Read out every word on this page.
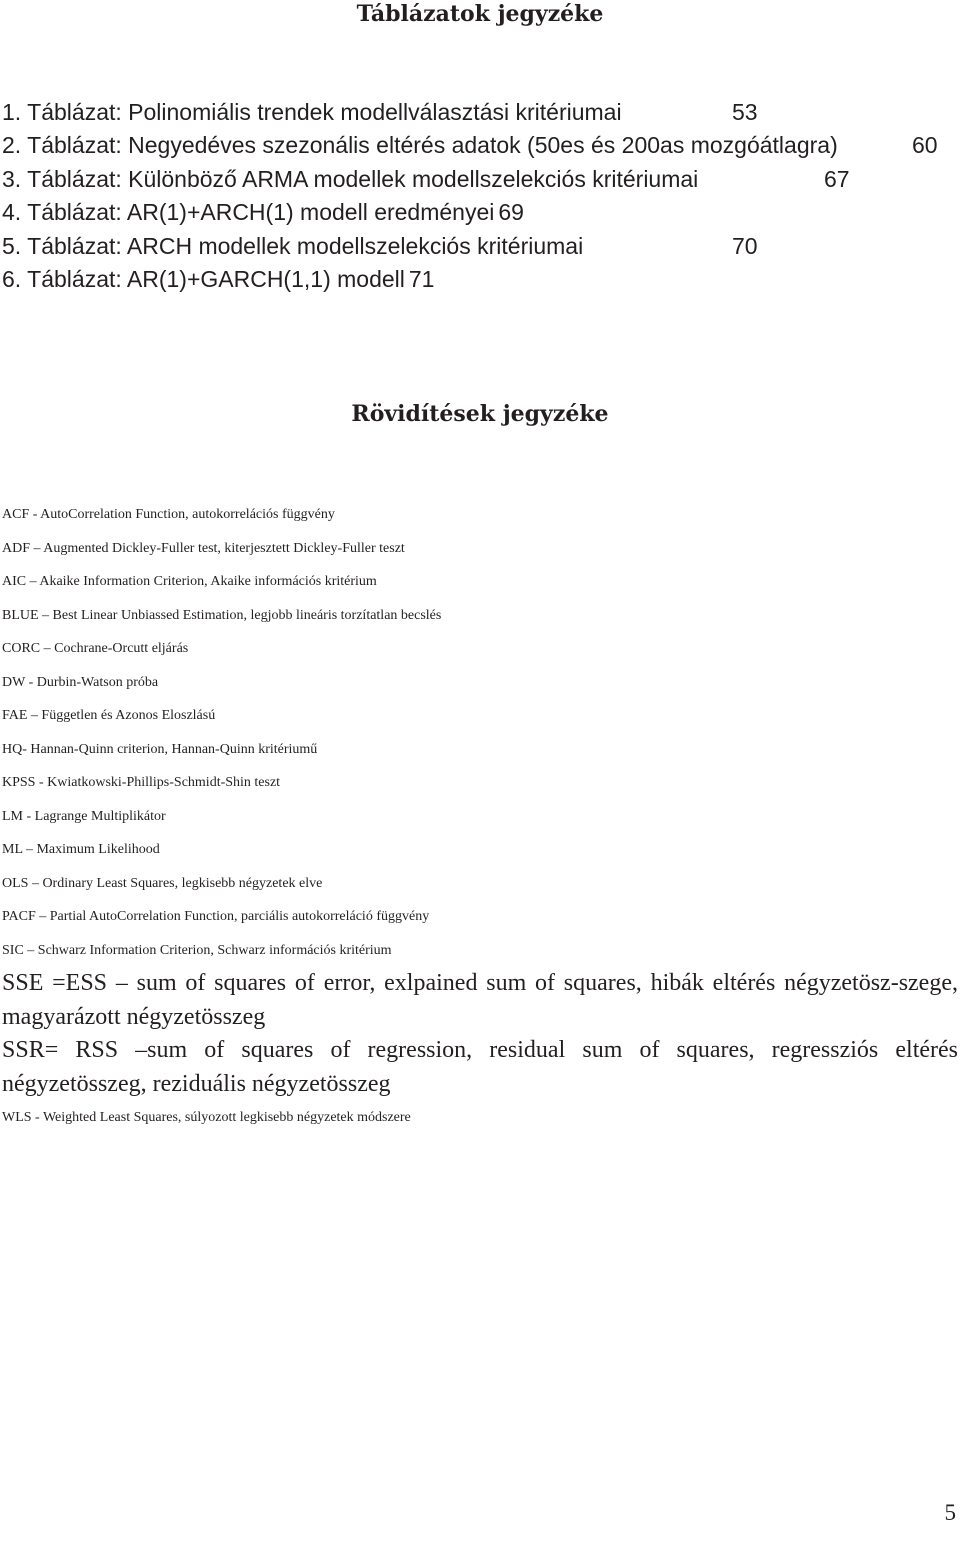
Táblázatok jegyzéke
1. Táblázat: Polinomiális trendek modellválasztási kritériumai	53
2. Táblázat: Negyedéves szezonális eltérés adatok (50es és 200as mozgóátlagra)	60
3. Táblázat: Különböző ARMA modellek modellszelekciós kritériumai	67
4. Táblázat: AR(1)+ARCH(1) modell eredményei 69
5. Táblázat: ARCH modellek modellszelekciós kritériumai	70
6. Táblázat: AR(1)+GARCH(1,1) modell 71
Rövidítések jegyzéke
ACF - AutoCorrelation Function, autokorrelációs függvény
ADF – Augmented Dickley-Fuller test, kiterjesztett Dickley-Fuller teszt
AIC – Akaike Information Criterion, Akaike információs kritérium
BLUE – Best Linear Unbiassed Estimation, legjobb lineáris torzítatlan becslés
CORC – Cochrane-Orcutt eljárás
DW - Durbin-Watson próba
FAE – Független és Azonos Eloszlású
HQ- Hannan-Quinn criterion, Hannan-Quinn kritériumű
KPSS - Kwiatkowski-Phillips-Schmidt-Shin teszt
LM - Lagrange Multiplikátor
ML – Maximum Likelihood
OLS – Ordinary Least Squares, legkisebb négyzetek elve
PACF – Partial AutoCorrelation Function, parciális autokorreláció függvény
SIC – Schwarz Information Criterion, Schwarz információs kritérium
SSE =ESS – sum of squares of error, exlpained sum of squares, hibák eltérés négyzetösz-szege, magyarázott négyzetösszeg
SSR= RSS –sum of squares of regression, residual sum of squares, regressziós eltérés négyzetösszeg, reziduális négyzetösszeg
WLS - Weighted Least Squares, súlyozott legkisebb négyzetek módszere
5
